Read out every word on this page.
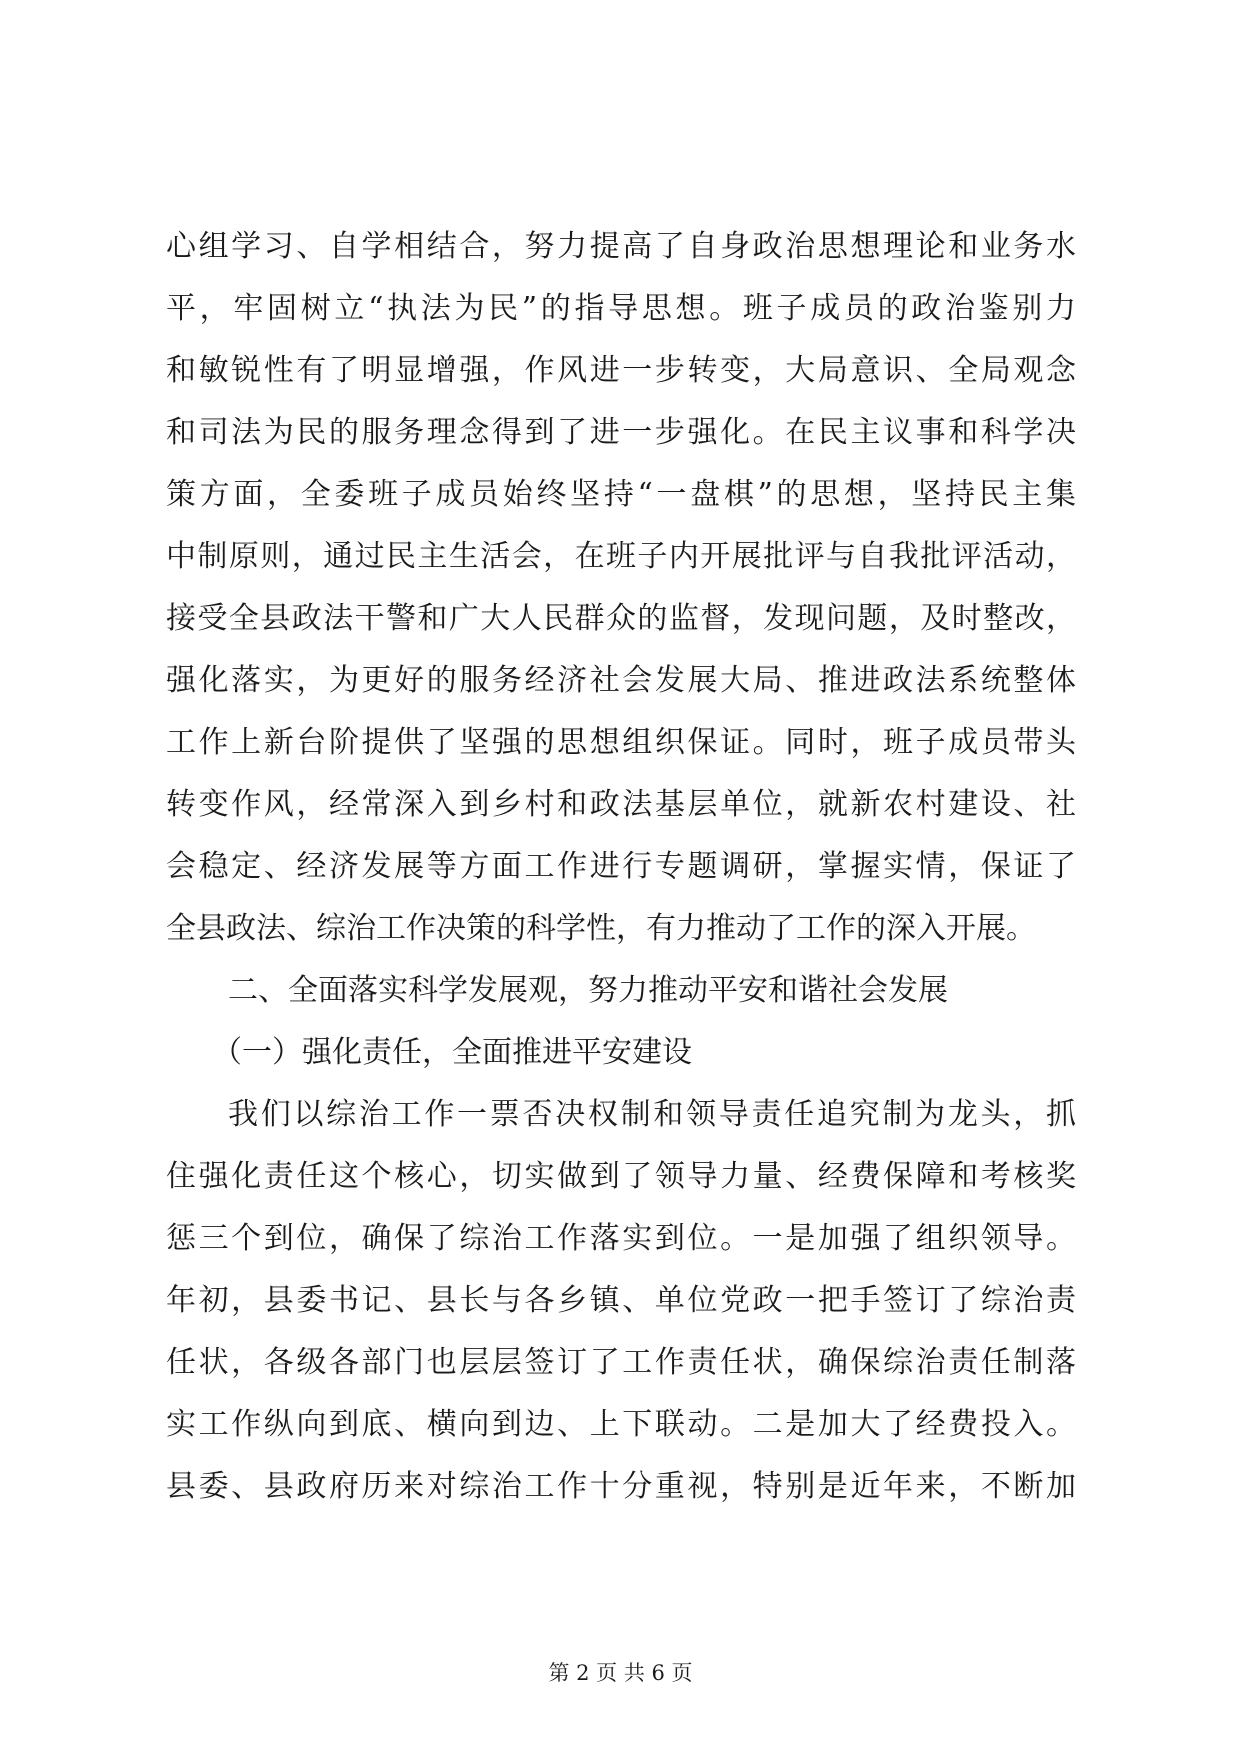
心组学习、自学相结合，努力提高了自身政治思想理论和业务水
平，牢固树立“执法为民”的指导思想。班子成员的政治鉴别力
和敏锐性有了明显增强，作风进一步转变，大局意识、全局观念
和司法为民的服务理念得到了进一步强化。在民主议事和科学决
策方面，全委班子成员始终坚持“一盘棋”的思想，坚持民主集
中制原则，通过民主生活会，在班子内开展批评与自我批评活动，
接受全县政法干警和广大人民群众的监督，发现问题，及时整改，
强化落实，为更好的服务经济社会发展大局、推进政法系统整体
工作上新台阶提供了坚强的思想组织保证。同时，班子成员带头
转变作风，经常深入到乡村和政法基层单位，就新农村建设、社
会稳定、经济发展等方面工作进行专题调研，掌握实情，保证了
全县政法、综治工作决策的科学性，有力推动了工作的深入开展。
二、全面落实科学发展观，努力推动平安和谐社会发展
（一）强化责任，全面推进平安建设
我们以综治工作一票否决权制和领导责任追究制为龙头，抓
住强化责任这个核心，切实做到了领导力量、经费保障和考核奖
惩三个到位，确保了综治工作落实到位。一是加强了组织领导。
年初，县委书记、县长与各乡镇、单位党政一把手签订了综治责
任状，各级各部门也层层签订了工作责任状，确保综治责任制落
实工作纵向到底、横向到边、上下联动。二是加大了经费投入。
县委、县政府历来对综治工作十分重视，特别是近年来，不断加
第 2 页 共 6 页
